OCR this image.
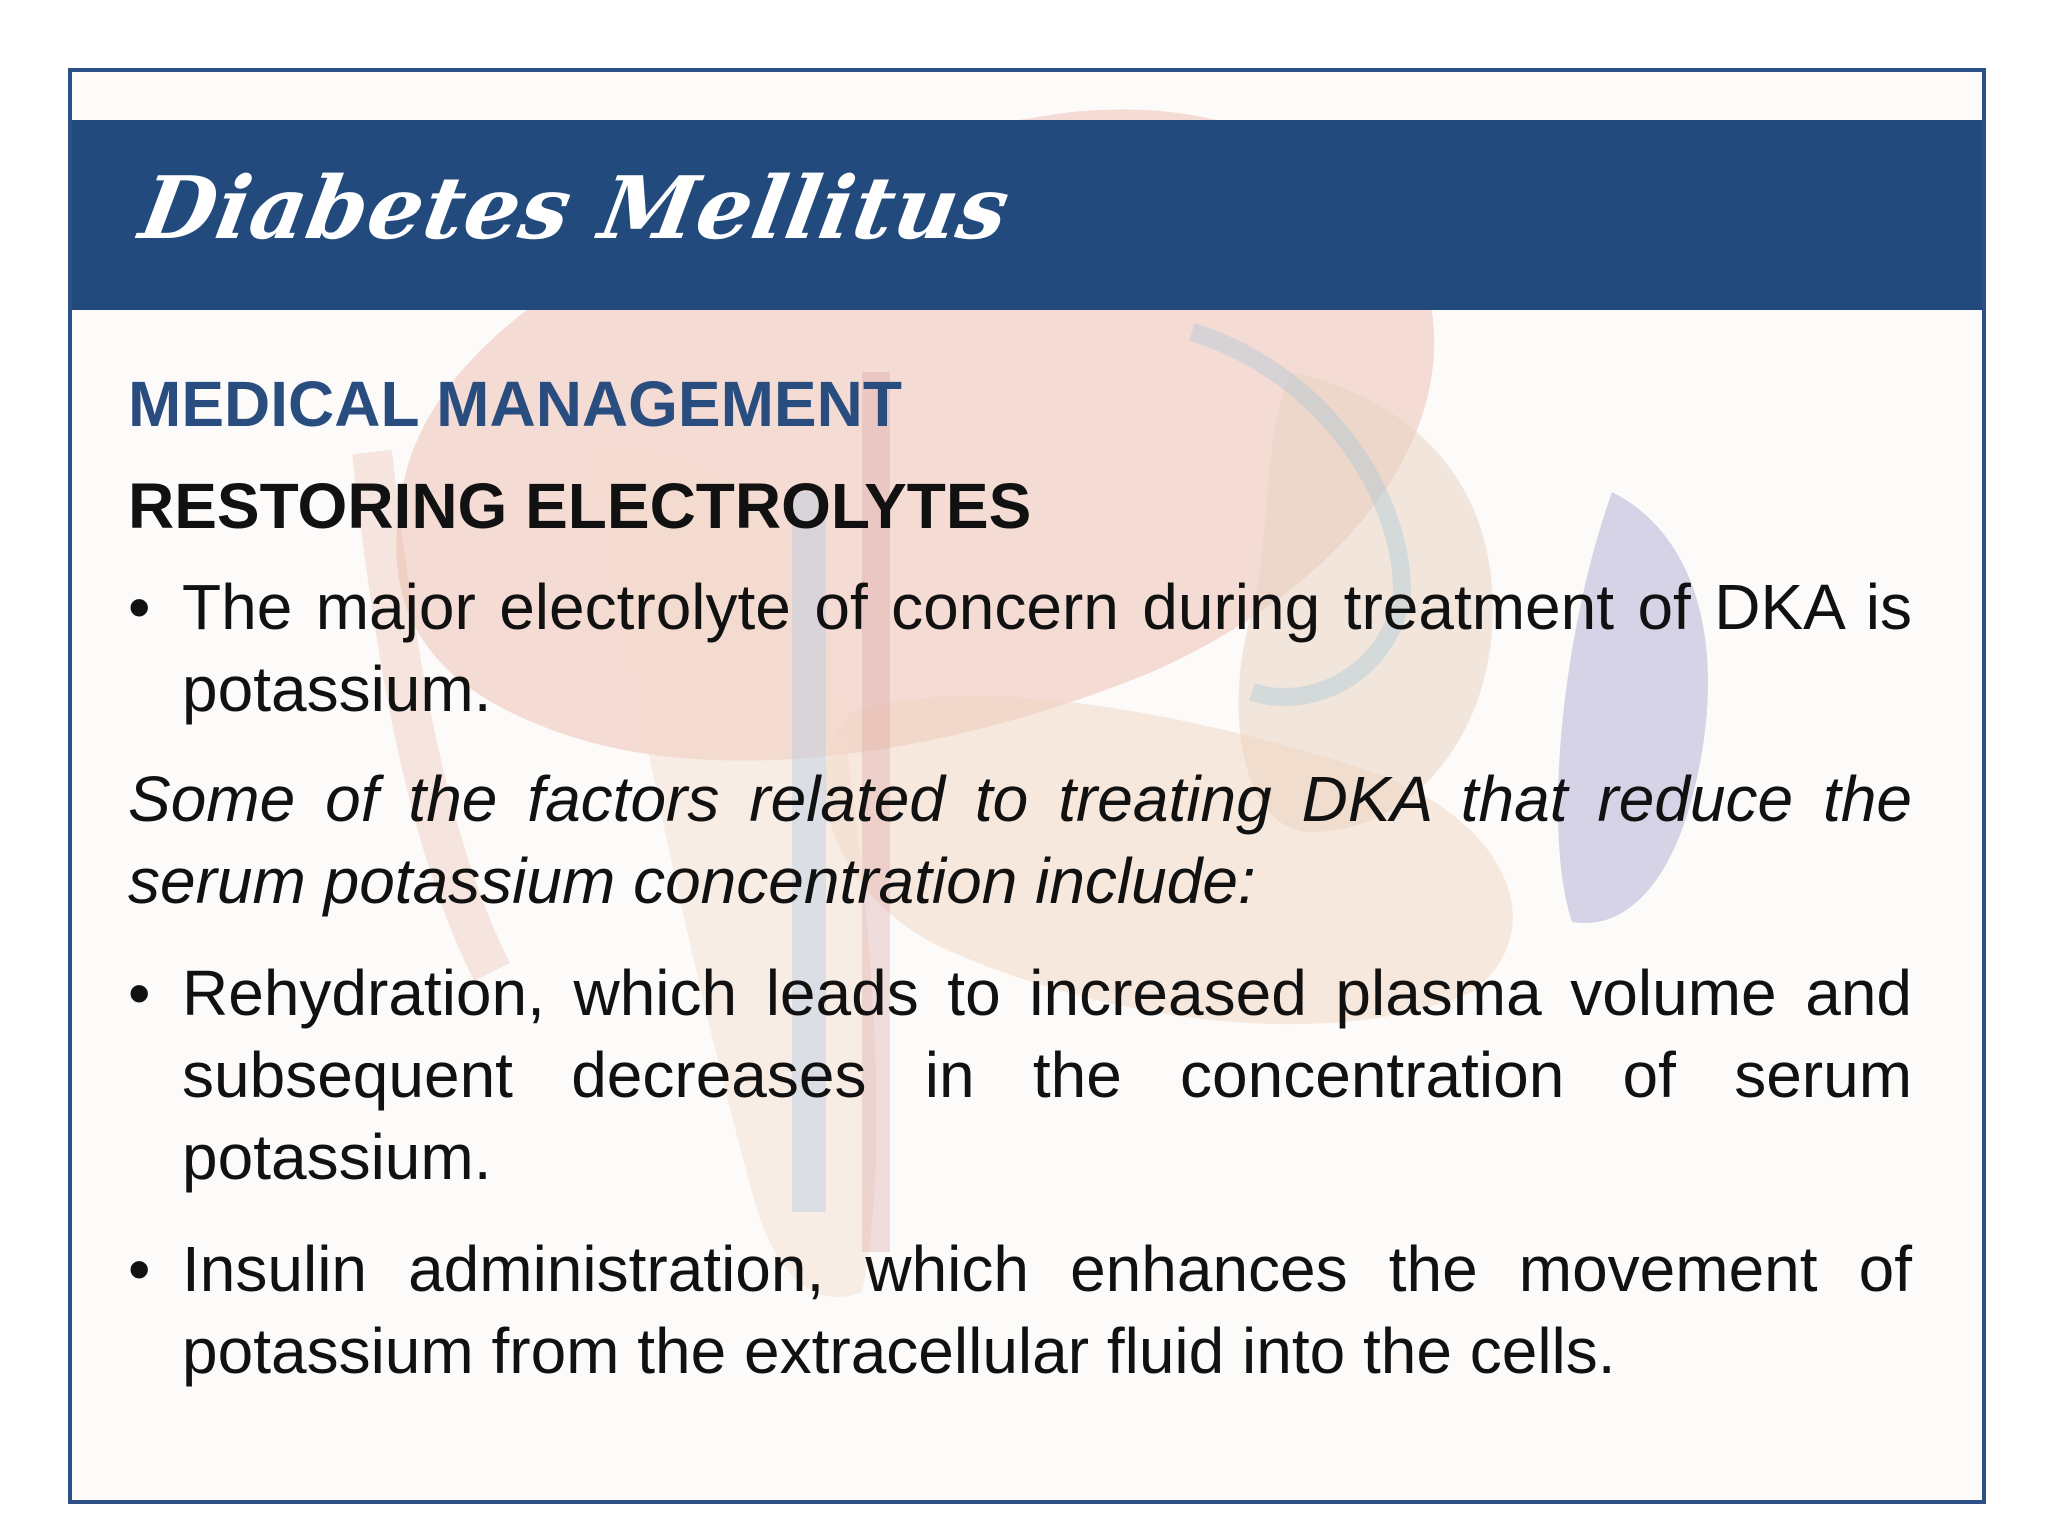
Diabetes Mellitus
MEDICAL MANAGEMENT
RESTORING ELECTROLYTES
• The major electrolyte of concern during treatment of DKA is potassium.

Some of the factors related to treating DKA that reduce the serum potassium concentration include:

• Rehydration, which leads to increased plasma volume and subsequent decreases in the concentration of serum potassium.
• Insulin administration, which enhances the movement of potassium from the extracellular fluid into the cells.
